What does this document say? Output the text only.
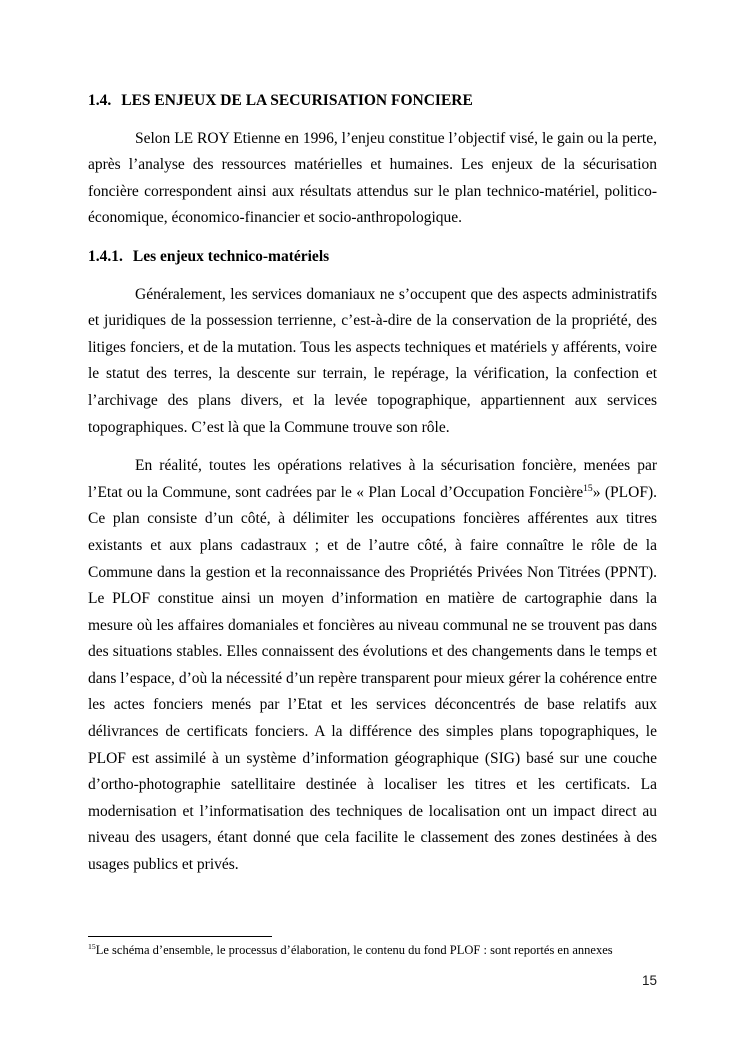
1.4. LES ENJEUX DE LA SECURISATION FONCIERE

Selon LE ROY Etienne en 1996, l’enjeu constitue l’objectif visé, le gain ou la perte, après l’analyse des ressources matérielles et humaines. Les enjeux de la sécurisation foncière correspondent ainsi aux résultats attendus sur le plan technico-matériel, politico-économique, économico-financier et socio-anthropologique.

1.4.1. Les enjeux technico-matériels

Généralement, les services domaniaux ne s’occupent que des aspects administratifs et juridiques de la possession terrienne, c’est-à-dire de la conservation de la propriété, des litiges fonciers, et de la mutation. Tous les aspects techniques et matériels y afférents, voire le statut des terres, la descente sur terrain, le repérage, la vérification, la confection et l’archivage des plans divers, et la levée topographique, appartiennent aux services topographiques. C’est là que la Commune trouve son rôle.

En réalité, toutes les opérations relatives à la sécurisation foncière, menées par l’Etat ou la Commune, sont cadrées par le « Plan Local d’Occupation Foncière$^{15}$» (PLOF). Ce plan consiste d’un côté, à délimiter les occupations foncières afférentes aux titres existants et aux plans cadastraux ; et de l’autre côté, à faire connaître le rôle de la Commune dans la gestion et la reconnaissance des Propriétés Privées Non Titrées (PPNT). Le PLOF constitue ainsi un moyen d’information en matière de cartographie dans la mesure où les affaires domaniales et foncières au niveau communal ne se trouvent pas dans des situations stables. Elles connaissent des évolutions et des changements dans le temps et dans l’espace, d’où la nécessité d’un repère transparent pour mieux gérer la cohérence entre les actes fonciers menés par l’Etat et les services déconcentrés de base relatifs aux délivrances de certificats fonciers. A la différence des simples plans topographiques, le PLOF est assimilé à un système d’information géographique (SIG) basé sur une couche d’ortho-photographie satellitaire destinée à localiser les titres et les certificats. La modernisation et l’informatisation des techniques de localisation ont un impact direct au niveau des usagers, étant donné que cela facilite le classement des zones destinées à des usages publics et privés.

$^{15}$Le schéma d’ensemble, le processus d’élaboration, le contenu du fond PLOF : sont reportés en annexes

15
